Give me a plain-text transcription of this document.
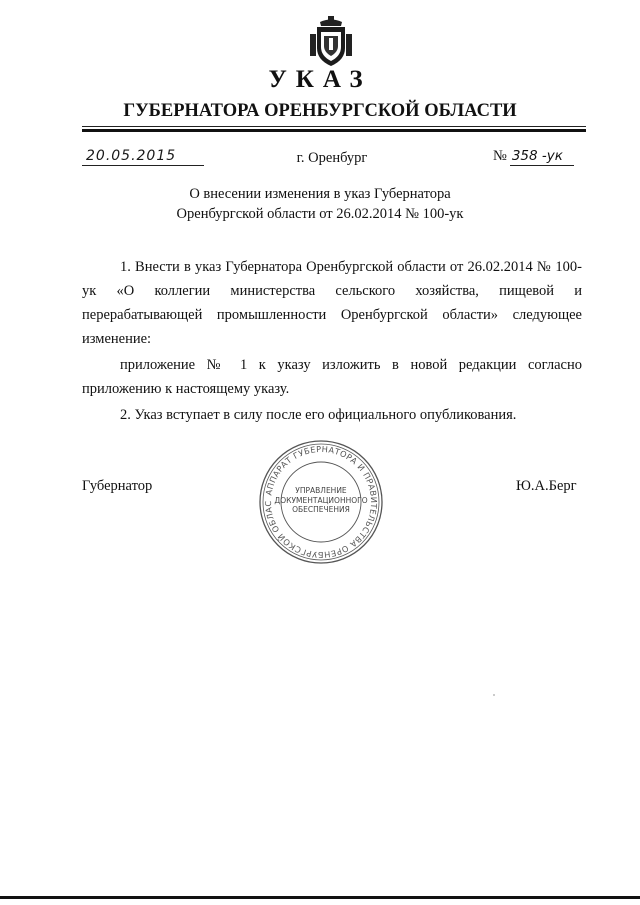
УКАЗ
ГУБЕРНАТОРА ОРЕНБУРГСКОЙ ОБЛАСТИ
20.05.2015	г. Оренбург	№ 358 -ук
О внесении изменения в указ Губернатора
Оренбургской области от 26.02.2014 № 100-ук

1. Внести в указ Губернатора Оренбургской области от 26.02.2014 № 100-ук «О коллегии министерства сельского хозяйства, пищевой и перерабатывающей промышленности Оренбургской области» следующее изменение:

приложение № 1 к указу изложить в новой редакции согласно приложению к настоящему указу.

2. Указ вступает в силу после его официального опубликования.

Губернатор	Ю.А.Берг
АППАРАТ ГУБЕРНАТОРА И ПРАВИТЕЛЬСТВА ОРЕНБУРГСКОЙ ОБЛАС
УПРАВЛЕНИЕ
ДОКУМЕНТАЦИОННОГО
ОБЕСПЕЧЕНИЯ
